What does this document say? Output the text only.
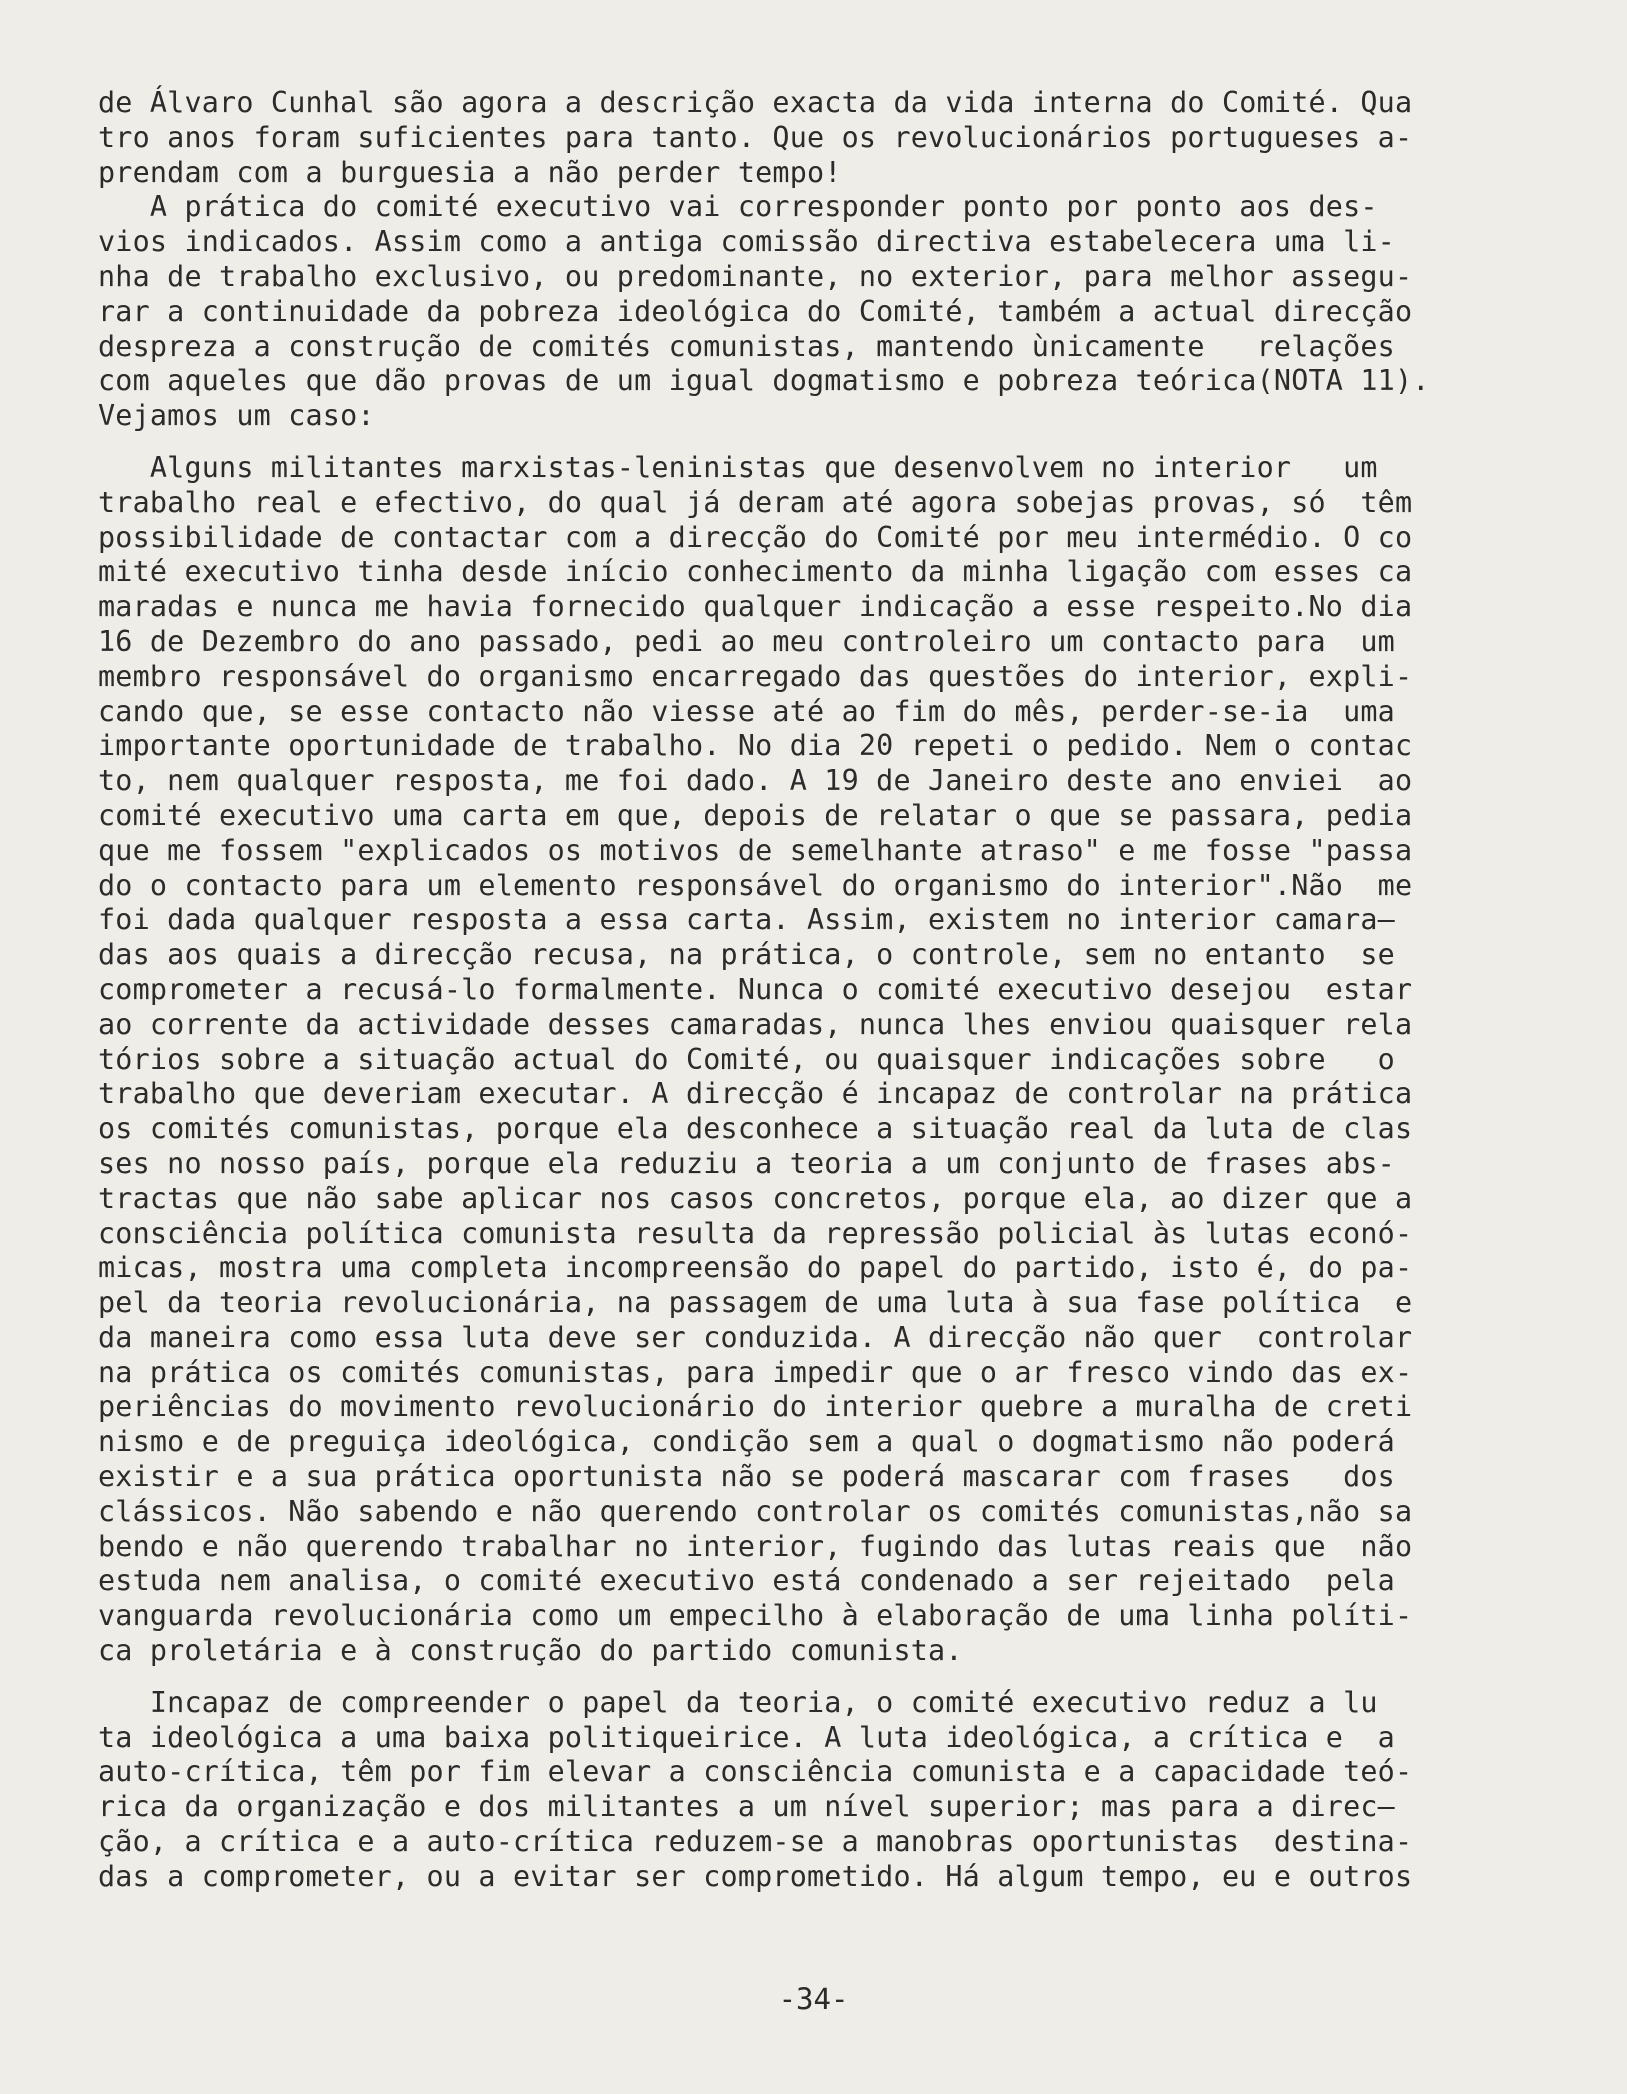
de Álvaro Cunhal são agora a descrição exacta da vida interna do Comité. Qua
tro anos foram suficientes para tanto. Que os revolucionários portugueses a-
prendam com a burguesia a não perder tempo!
A prática do comité executivo vai corresponder ponto por ponto aos des-
vios indicados. Assim como a antiga comissão directiva estabelecera uma li-
nha de trabalho exclusivo, ou predominante, no exterior, para melhor assegu-
rar a continuidade da pobreza ideológica do Comité, também a actual direcção
despreza a construção de comités comunistas, mantendo ùnicamente   relações
com aqueles que dão provas de um igual dogmatismo e pobreza teórica(NOTA 11).
Vejamos um caso:
Alguns militantes marxistas-leninistas que desenvolvem no interior   um
trabalho real e efectivo, do qual já deram até agora sobejas provas, só  têm
possibilidade de contactar com a direcção do Comité por meu intermédio. O co
mité executivo tinha desde início conhecimento da minha ligação com esses ca
maradas e nunca me havia fornecido qualquer indicação a esse respeito.No dia
16 de Dezembro do ano passado, pedi ao meu controleiro um contacto para  um
membro responsável do organismo encarregado das questões do interior, expli-
cando que, se esse contacto não viesse até ao fim do mês, perder-se-ia  uma
importante oportunidade de trabalho. No dia 20 repeti o pedido. Nem o contac
to, nem qualquer resposta, me foi dado. A 19 de Janeiro deste ano enviei  ao
comité executivo uma carta em que, depois de relatar o que se passara, pedia
que me fossem "explicados os motivos de semelhante atraso" e me fosse "passa
do o contacto para um elemento responsável do organismo do interior".Não  me
foi dada qualquer resposta a essa carta. Assim, existem no interior camara—
das aos quais a direcção recusa, na prática, o controle, sem no entanto  se
comprometer a recusá-lo formalmente. Nunca o comité executivo desejou  estar
ao corrente da actividade desses camaradas, nunca lhes enviou quaisquer rela
tórios sobre a situação actual do Comité, ou quaisquer indicações sobre   o
trabalho que deveriam executar. A direcção é incapaz de controlar na prática
os comités comunistas, porque ela desconhece a situação real da luta de clas
ses no nosso país, porque ela reduziu a teoria a um conjunto de frases abs-
tractas que não sabe aplicar nos casos concretos, porque ela, ao dizer que a
consciência política comunista resulta da repressão policial às lutas econó-
micas, mostra uma completa incompreensão do papel do partido, isto é, do pa-
pel da teoria revolucionária, na passagem de uma luta à sua fase política  e
da maneira como essa luta deve ser conduzida. A direcção não quer  controlar
na prática os comités comunistas, para impedir que o ar fresco vindo das ex-
periências do movimento revolucionário do interior quebre a muralha de creti
nismo e de preguiça ideológica, condição sem a qual o dogmatismo não poderá
existir e a sua prática oportunista não se poderá mascarar com frases   dos
clássicos. Não sabendo e não querendo controlar os comités comunistas,não sa
bendo e não querendo trabalhar no interior, fugindo das lutas reais que  não
estuda nem analisa, o comité executivo está condenado a ser rejeitado  pela
vanguarda revolucionária como um empecilho à elaboração de uma linha políti-
ca proletária e à construção do partido comunista.
Incapaz de compreender o papel da teoria, o comité executivo reduz a lu
ta ideológica a uma baixa politiqueirice. A luta ideológica, a crítica e  a
auto-crítica, têm por fim elevar a consciência comunista e a capacidade teó-
rica da organização e dos militantes a um nível superior; mas para a direc—
ção, a crítica e a auto-crítica reduzem-se a manobras oportunistas  destina-
das a comprometer, ou a evitar ser comprometido. Há algum tempo, eu e outros
-34-
